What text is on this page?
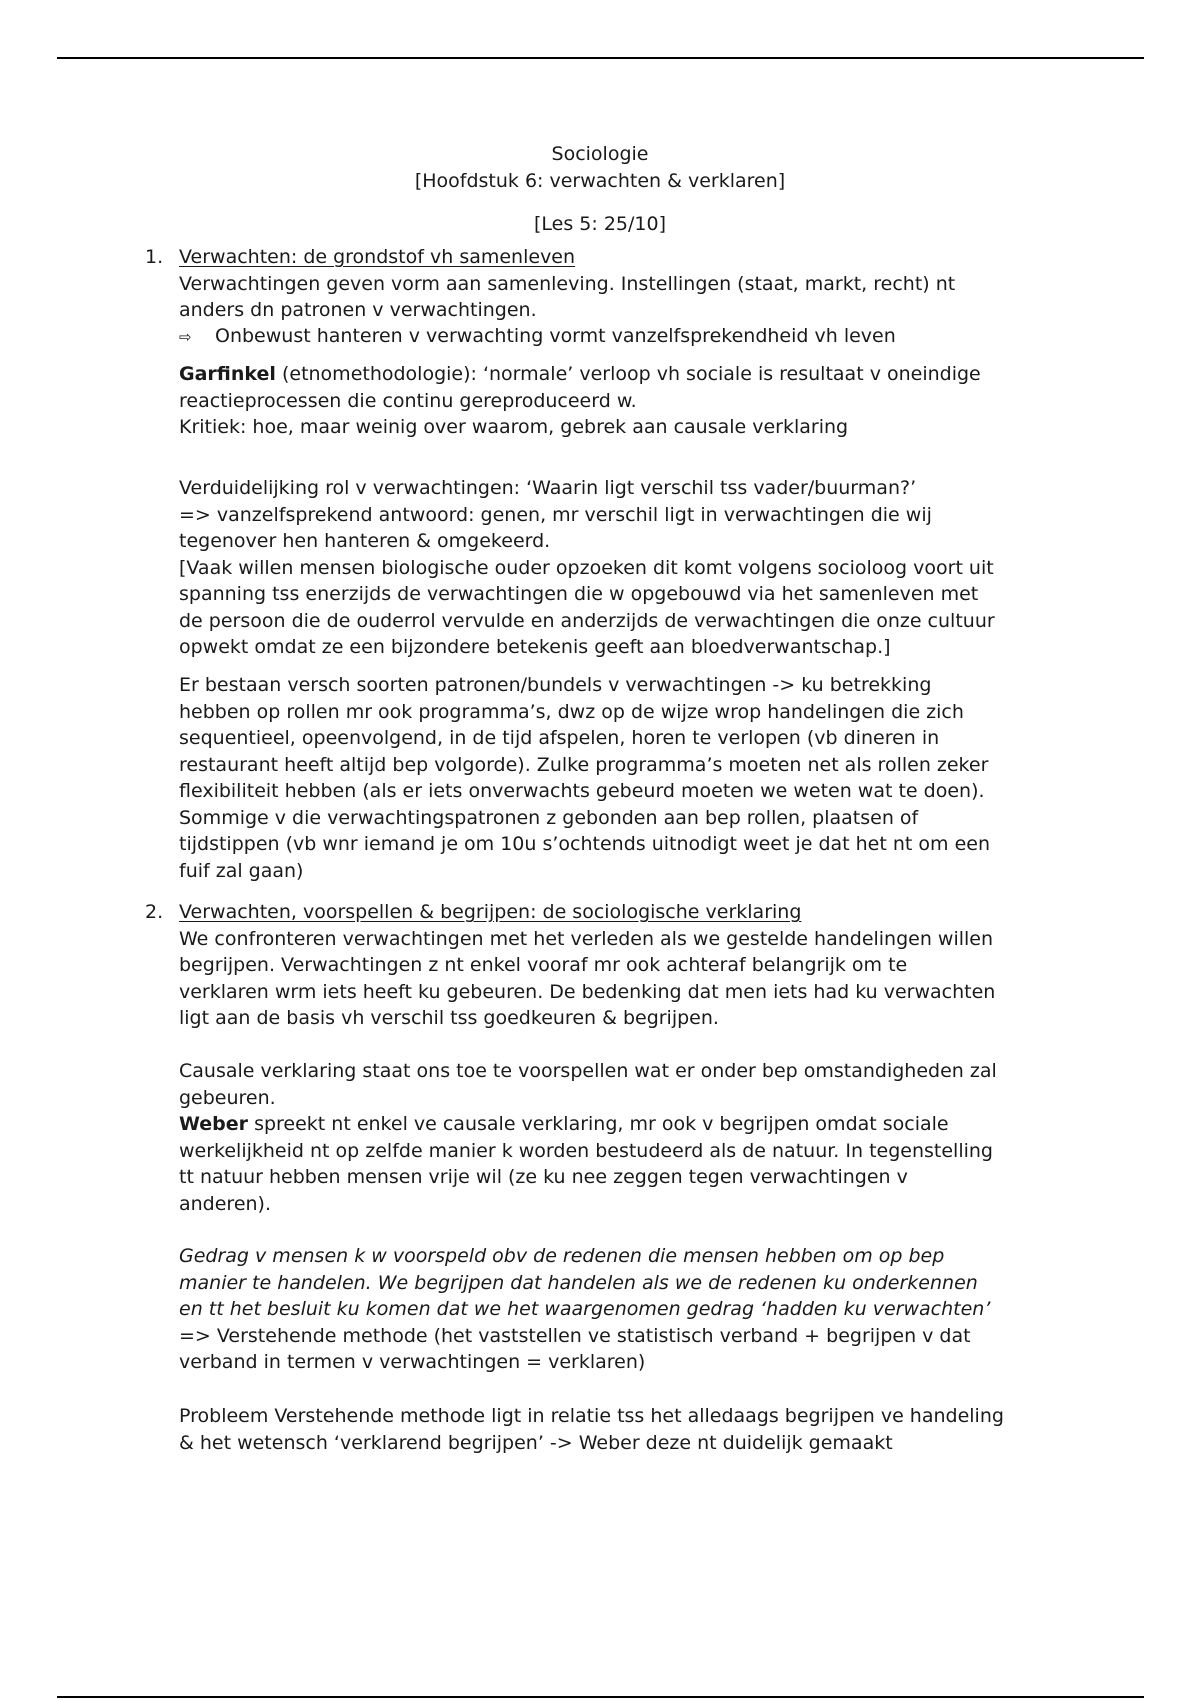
Sociologie
[Hoofdstuk 6: verwachten & verklaren]
[Les 5: 25/10]
1. Verwachten: de grondstof vh samenleven
Verwachtingen geven vorm aan samenleving. Instellingen (staat, markt, recht) nt
anders dn patronen v verwachtingen.
⇨ Onbewust hanteren v verwachting vormt vanzelfsprekendheid vh leven
Garfinkel (etnomethodologie): ‘normale’ verloop vh sociale is resultaat v oneindige
reactieprocessen die continu gereproduceerd w.
Kritiek: hoe, maar weinig over waarom, gebrek aan causale verklaring
Verduidelijking rol v verwachtingen: ‘Waarin ligt verschil tss vader/buurman?’
=> vanzelfsprekend antwoord: genen, mr verschil ligt in verwachtingen die wij
tegenover hen hanteren & omgekeerd.
[Vaak willen mensen biologische ouder opzoeken dit komt volgens socioloog voort uit
spanning tss enerzijds de verwachtingen die w opgebouwd via het samenleven met
de persoon die de ouderrol vervulde en anderzijds de verwachtingen die onze cultuur
opwekt omdat ze een bijzondere betekenis geeft aan bloedverwantschap.]
Er bestaan versch soorten patronen/bundels v verwachtingen -> ku betrekking
hebben op rollen mr ook programma’s, dwz op de wijze wrop handelingen die zich
sequentieel, opeenvolgend, in de tijd afspelen, horen te verlopen (vb dineren in
restaurant heeft altijd bep volgorde). Zulke programma’s moeten net als rollen zeker
flexibiliteit hebben (als er iets onverwachts gebeurd moeten we weten wat te doen).
Sommige v die verwachtingspatronen z gebonden aan bep rollen, plaatsen of
tijdstippen (vb wnr iemand je om 10u s’ochtends uitnodigt weet je dat het nt om een
fuif zal gaan)
2. Verwachten, voorspellen & begrijpen: de sociologische verklaring
We confronteren verwachtingen met het verleden als we gestelde handelingen willen
begrijpen. Verwachtingen z nt enkel vooraf mr ook achteraf belangrijk om te
verklaren wrm iets heeft ku gebeuren. De bedenking dat men iets had ku verwachten
ligt aan de basis vh verschil tss goedkeuren & begrijpen.
Causale verklaring staat ons toe te voorspellen wat er onder bep omstandigheden zal
gebeuren.
Weber spreekt nt enkel ve causale verklaring, mr ook v begrijpen omdat sociale
werkelijkheid nt op zelfde manier k worden bestudeerd als de natuur. In tegenstelling
tt natuur hebben mensen vrije wil (ze ku nee zeggen tegen verwachtingen v
anderen).
Gedrag v mensen k w voorspeld obv de redenen die mensen hebben om op bep
manier te handelen. We begrijpen dat handelen als we de redenen ku onderkennen
en tt het besluit ku komen dat we het waargenomen gedrag ‘hadden ku verwachten’
=> Verstehende methode (het vaststellen ve statistisch verband + begrijpen v dat
verband in termen v verwachtingen = verklaren)
Probleem Verstehende methode ligt in relatie tss het alledaags begrijpen ve handeling
& het wetensch ‘verklarend begrijpen’ -> Weber deze nt duidelijk gemaakt
